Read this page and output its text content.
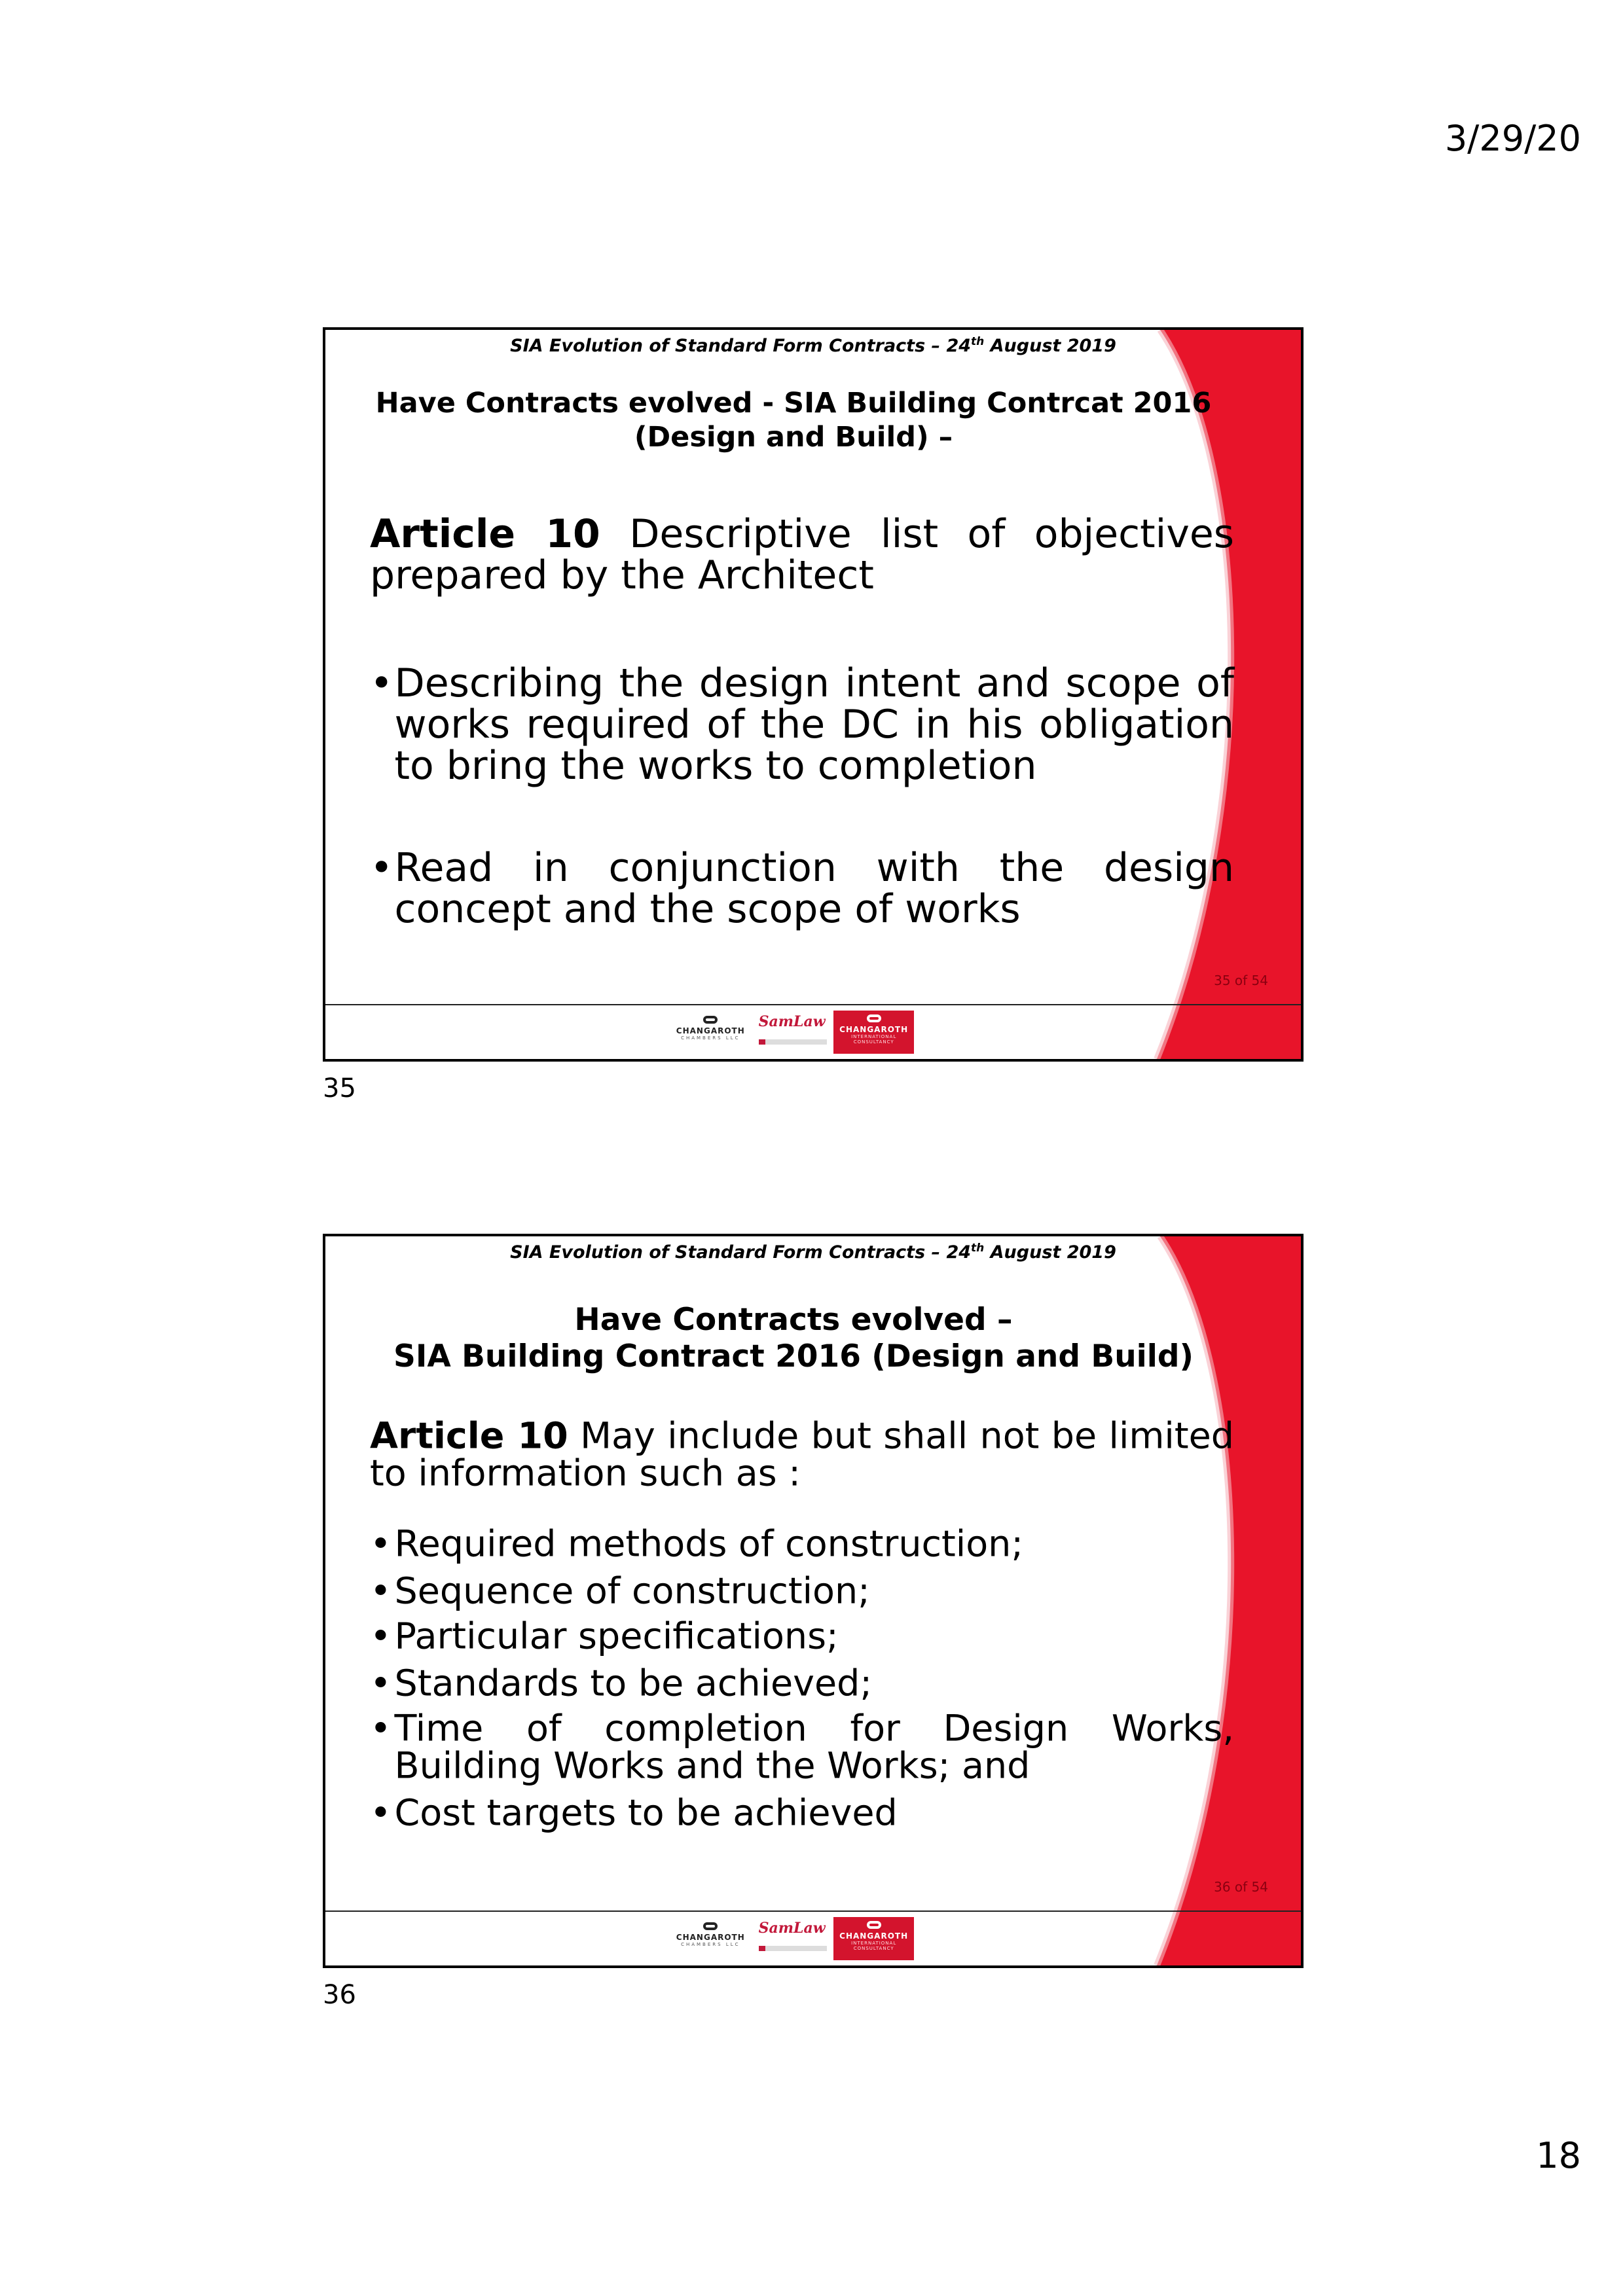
3/29/20
SIA Evolution of Standard Form Contracts – 24th August 2019
Have Contracts evolved - SIA Building Contrcat 2016
(Design and Build) –

Article 10 Descriptive list of objectives prepared by the Architect

• Describing the design intent and scope of works required of the DC in his obligation to bring the works to completion

• Read in conjunction with the design concept and the scope of works

35 of 54
CHANGAROTH
CHAMBERS LLC
SamLaw	CHANGAROTH
INTERNATIONAL CONSULTANCY
35
SIA Evolution of Standard Form Contracts – 24th August 2019
Have Contracts evolved –
SIA Building Contract 2016 (Design and Build)

Article 10 May include but shall not be limited to information such as :

• Required methods of construction;

• Sequence of construction;

• Particular specifications;

• Standards to be achieved;

• Time of completion for Design Works, Building Works and the Works; and

• Cost targets to be achieved

36 of 54
CHANGAROTH
CHAMBERS LLC
SamLaw	CHANGAROTH
INTERNATIONAL CONSULTANCY
36
18
